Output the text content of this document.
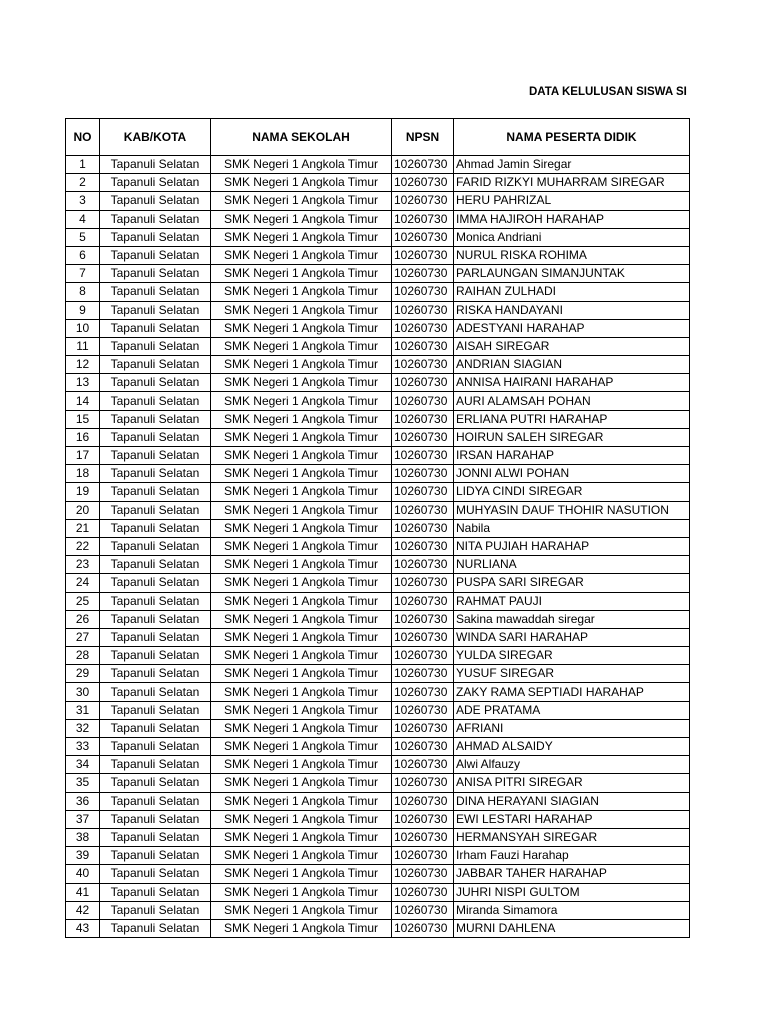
DATA KELULUSAN SISWA SI
NO	KAB/KOTA	NAMA SEKOLAH	NPSN	NAMA PESERTA DIDIK
1	Tapanuli Selatan	SMK Negeri 1 Angkola Timur	10260730	Ahmad Jamin Siregar
2	Tapanuli Selatan	SMK Negeri 1 Angkola Timur	10260730	FARID RIZKYI MUHARRAM SIREGAR
3	Tapanuli Selatan	SMK Negeri 1 Angkola Timur	10260730	HERU PAHRIZAL
4	Tapanuli Selatan	SMK Negeri 1 Angkola Timur	10260730	IMMA HAJIROH HARAHAP
5	Tapanuli Selatan	SMK Negeri 1 Angkola Timur	10260730	Monica Andriani
6	Tapanuli Selatan	SMK Negeri 1 Angkola Timur	10260730	NURUL RISKA ROHIMA
7	Tapanuli Selatan	SMK Negeri 1 Angkola Timur	10260730	PARLAUNGAN SIMANJUNTAK
8	Tapanuli Selatan	SMK Negeri 1 Angkola Timur	10260730	RAIHAN ZULHADI
9	Tapanuli Selatan	SMK Negeri 1 Angkola Timur	10260730	RISKA HANDAYANI
10	Tapanuli Selatan	SMK Negeri 1 Angkola Timur	10260730	ADESTYANI HARAHAP
11	Tapanuli Selatan	SMK Negeri 1 Angkola Timur	10260730	AISAH SIREGAR
12	Tapanuli Selatan	SMK Negeri 1 Angkola Timur	10260730	ANDRIAN SIAGIAN
13	Tapanuli Selatan	SMK Negeri 1 Angkola Timur	10260730	ANNISA HAIRANI HARAHAP
14	Tapanuli Selatan	SMK Negeri 1 Angkola Timur	10260730	AURI ALAMSAH POHAN
15	Tapanuli Selatan	SMK Negeri 1 Angkola Timur	10260730	ERLIANA PUTRI HARAHAP
16	Tapanuli Selatan	SMK Negeri 1 Angkola Timur	10260730	HOIRUN SALEH SIREGAR
17	Tapanuli Selatan	SMK Negeri 1 Angkola Timur	10260730	IRSAN HARAHAP
18	Tapanuli Selatan	SMK Negeri 1 Angkola Timur	10260730	JONNI ALWI POHAN
19	Tapanuli Selatan	SMK Negeri 1 Angkola Timur	10260730	LIDYA CINDI SIREGAR
20	Tapanuli Selatan	SMK Negeri 1 Angkola Timur	10260730	MUHYASIN DAUF THOHIR NASUTION
21	Tapanuli Selatan	SMK Negeri 1 Angkola Timur	10260730	Nabila
22	Tapanuli Selatan	SMK Negeri 1 Angkola Timur	10260730	NITA PUJIAH HARAHAP
23	Tapanuli Selatan	SMK Negeri 1 Angkola Timur	10260730	NURLIANA
24	Tapanuli Selatan	SMK Negeri 1 Angkola Timur	10260730	PUSPA SARI SIREGAR
25	Tapanuli Selatan	SMK Negeri 1 Angkola Timur	10260730	RAHMAT PAUJI
26	Tapanuli Selatan	SMK Negeri 1 Angkola Timur	10260730	Sakina mawaddah siregar
27	Tapanuli Selatan	SMK Negeri 1 Angkola Timur	10260730	WINDA SARI HARAHAP
28	Tapanuli Selatan	SMK Negeri 1 Angkola Timur	10260730	YULDA SIREGAR
29	Tapanuli Selatan	SMK Negeri 1 Angkola Timur	10260730	YUSUF SIREGAR
30	Tapanuli Selatan	SMK Negeri 1 Angkola Timur	10260730	ZAKY RAMA SEPTIADI HARAHAP
31	Tapanuli Selatan	SMK Negeri 1 Angkola Timur	10260730	ADE PRATAMA
32	Tapanuli Selatan	SMK Negeri 1 Angkola Timur	10260730	AFRIANI
33	Tapanuli Selatan	SMK Negeri 1 Angkola Timur	10260730	AHMAD ALSAIDY
34	Tapanuli Selatan	SMK Negeri 1 Angkola Timur	10260730	Alwi Alfauzy
35	Tapanuli Selatan	SMK Negeri 1 Angkola Timur	10260730	ANISA PITRI SIREGAR
36	Tapanuli Selatan	SMK Negeri 1 Angkola Timur	10260730	DINA HERAYANI SIAGIAN
37	Tapanuli Selatan	SMK Negeri 1 Angkola Timur	10260730	EWI LESTARI HARAHAP
38	Tapanuli Selatan	SMK Negeri 1 Angkola Timur	10260730	HERMANSYAH SIREGAR
39	Tapanuli Selatan	SMK Negeri 1 Angkola Timur	10260730	Irham Fauzi Harahap
40	Tapanuli Selatan	SMK Negeri 1 Angkola Timur	10260730	JABBAR TAHER HARAHAP
41	Tapanuli Selatan	SMK Negeri 1 Angkola Timur	10260730	JUHRI NISPI GULTOM
42	Tapanuli Selatan	SMK Negeri 1 Angkola Timur	10260730	Miranda Simamora
43	Tapanuli Selatan	SMK Negeri 1 Angkola Timur	10260730	MURNI DAHLENA
